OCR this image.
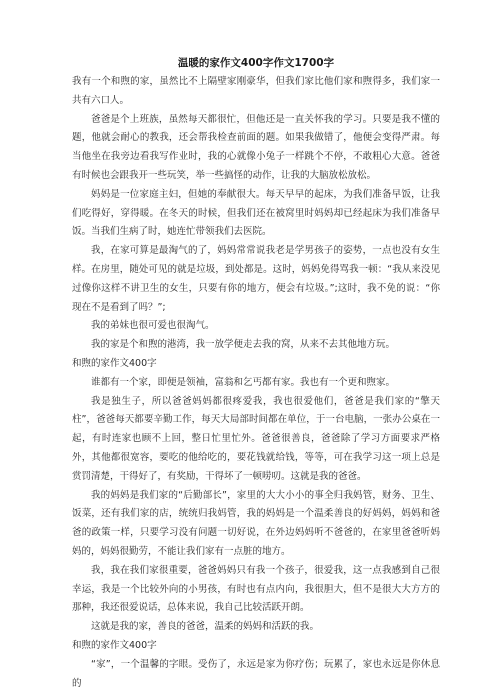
温暖的家作文400字作文1700字

我有一个和煦的家，虽然比不上隔壁家刚豪华，但我们家比他们家和煦得多，我们家一共有六口人。

爸爸是个上班族，虽然每天都很忙，但他还是一直关怀我的学习。只要是我不懂的题，他就会耐心的教我，还会帮我检查前面的题。如果我做错了，他便会变得严肃。每当他坐在我旁边看我写作业时，我的心就像小兔子一样跳个不停，不敢粗心大意。爸爸有时候也会跟我开一些玩笑，举一些搞怪的动作，让我的大脑放松放松。

妈妈是一位家庭主妇，但她的奉献很大。每天早早的起床，为我们准备早饭，让我们吃得好，穿得暖。在冬天的时候，但我们还在被窝里时妈妈却已经起床为我们准备早饭。当我们生病了时，她连忙带领我们去医院。

我，在家可算是最淘气的了，妈妈常常说我老是学男孩子的姿势，一点也没有女生样。在房里，随处可见的就是垃圾，到处都是。这时，妈妈免得骂我一顿：“我从来没见过像你这样不讲卫生的女生，只要有你的地方，便会有垃圾。”;这时，我不免的说：“你现在不是看到了吗？”;

我的弟妹也很可爱也很淘气。

我的家是个和煦的港湾，我一放学便走去我的窝，从来不去其他地方玩。

和煦的家作文400字

谁都有一个家，即便是领袖，富翁和乞丐都有家。我也有一个更和煦家。

我是独生子，所以爸爸妈妈都很疼爱我，我也很爱他们，爸爸是我们家的“擎天柱”，爸爸每天都要辛勤工作，每天大局部时间都在单位，于一台电脑，一张办公桌在一起，有时连家也顾不上回，整日忙里忙外。爸爸很善良，爸爸除了学习方面要求严格外，其他都很宽容，要吃的他给吃的，要花钱就给钱，等等，可在我学习这一项上总是赏罚清楚，干得好了，有奖励，干得坏了一顿唠叨。这就是我的爸爸。

我的妈妈是我们家的“后勤部长”，家里的大大小小的事全归我妈管，财务、卫生、饭菜，还有我们家的店，统统归我妈管，我的妈妈是一个温柔善良的好妈妈，妈妈和爸爸的政策一样，只要学习没有问题一切好说，在外边妈妈听不爸爸的，在家里爸爸听妈妈的，妈妈很勤劳，不能让我们家有一点脏的地方。

我，我在我们家很重要，爸爸妈妈只有我一个孩子，很爱我，这一点我感到自己很幸运，我是一个比较外向的小男孩，有时也有点内向，我很胆大，但不是很大大方方的那种，我还很爱说话，总体来说，我自己比较活跃开朗。

这就是我的家，善良的爸爸，温柔的妈妈和活跃的我。

和煦的家作文400字

“家”，一个温馨的字眼。受伤了，永远是家为你疗伤；玩累了，家也永远是你休息的
